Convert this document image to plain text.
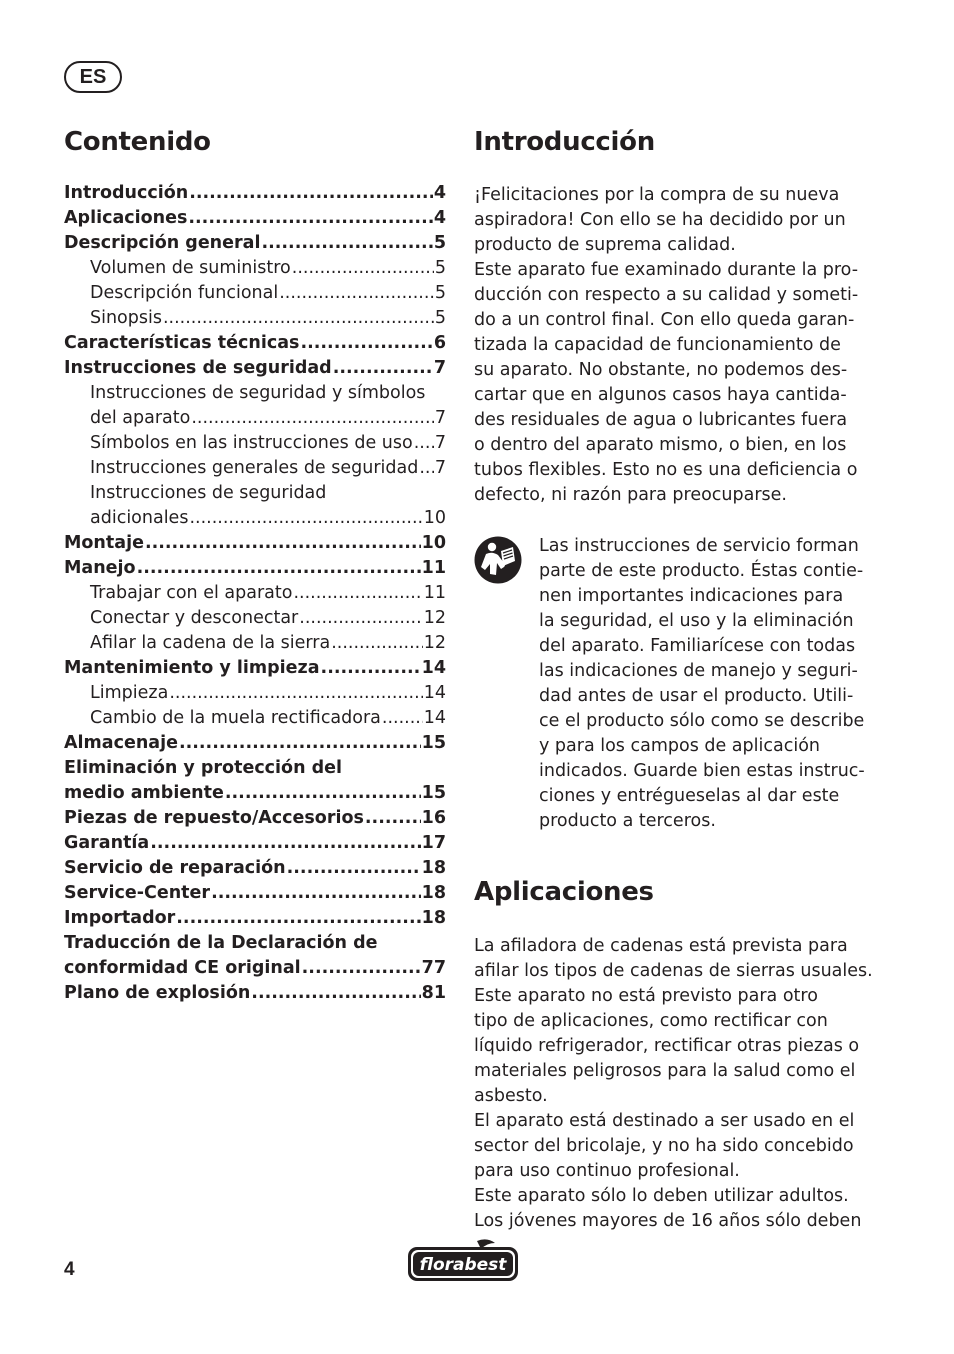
ES
Contenido
Introducción .....	4
Aplicaciones .....	4
Descripción general .....	5
Volumen de suministro .....	5
Descripción funcional .....	5
Sinopsis .....	5
Características técnicas .....	6
Instrucciones de seguridad .....	7
Instrucciones de seguridad y símbolos
del aparato .....	7
Símbolos en las instrucciones de uso ..... 7
Instrucciones generales de seguridad ..... 7
Instrucciones de seguridad
adicionales .....	10
Montaje .....	10
Manejo .....	11
Trabajar con el aparato .....	11
Conectar y desconectar .....	12
Afilar la cadena de la sierra .....	12
Mantenimiento y limpieza .....	14
Limpieza .....	14
Cambio de la muela rectificadora ..... 14
Almacenaje .....	15
Eliminación y protección del
medio ambiente .....	15
Piezas de repuesto/Accesorios .....	16
Garantía .....	17
Servicio de reparación .....	18
Service-Center .....	18
Importador .....	18
Traducción de la Declaración de
conformidad CE original .....	77
Plano de explosión .....	81
Introducción

¡Felicitaciones por la compra de su nueva

aspiradora! Con ello se ha decidido por un

producto de suprema calidad.

Este aparato fue examinado durante la pro-

ducción con respecto a su calidad y someti-

do a un control final. Con ello queda garan-

tizada la capacidad de funcionamiento de

su aparato. No obstante, no podemos des-

cartar que en algunos casos haya cantida-

des residuales de agua o lubricantes fuera

o dentro del aparato mismo, o bien, en los

tubos flexibles. Esto no es una deficiencia o

defecto, ni razón para preocuparse.

Las instrucciones de servicio forman

parte de este producto. Éstas contie-

nen importantes indicaciones para

la seguridad, el uso y la eliminación

del aparato. Familiarícese con todas

las indicaciones de manejo y seguri-

dad antes de usar el producto. Utili-

ce el producto sólo como se describe

y para los campos de aplicación

indicados. Guarde bien estas instruc-

ciones y entrégueselas al dar este

producto a terceros.

Aplicaciones

La afiladora de cadenas está prevista para

afilar los tipos de cadenas de sierras usuales.

Este aparato no está previsto para otro

tipo de aplicaciones, como rectificar con

líquido refrigerador, rectificar otras piezas o

materiales peligrosos para la salud como el

asbesto.

El aparato está destinado a ser usado en el

sector del bricolaje, y no ha sido concebido

para uso continuo profesional.

Este aparato sólo lo deben utilizar adultos.

Los jóvenes mayores de 16 años sólo deben

4	florabest
